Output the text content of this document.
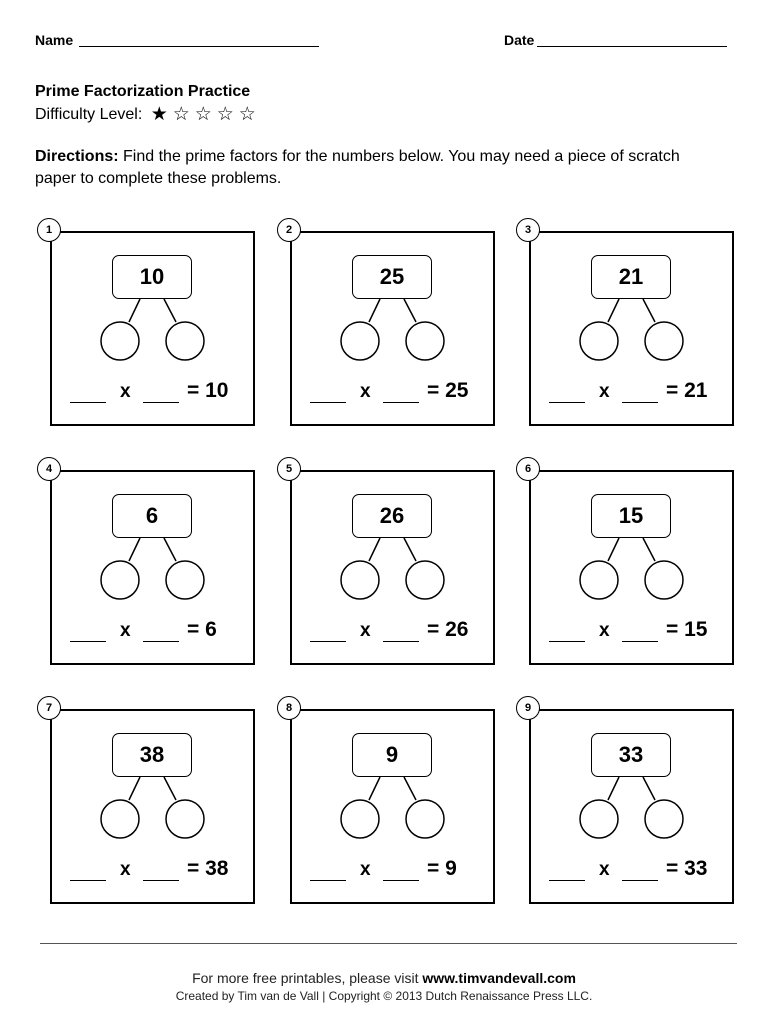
Name	Date
Prime Factorization Practice
Difficulty Level: ★ ☆ ☆ ☆ ☆
Directions: Find the prime factors for the numbers below. You may need a piece of scratch paper to complete these problems.
10
x	= 10
1
25
x	= 25
2
21
x	= 21
3
6
x	= 6
4
26
x	= 26
5
15
x	= 15
6
38
x	= 38
7
9
x	= 9
8
33
x	= 33
9
For more free printables, please visit www.timvandevall.com
Created by Tim van de Vall | Copyright © 2013 Dutch Renaissance Press LLC.
